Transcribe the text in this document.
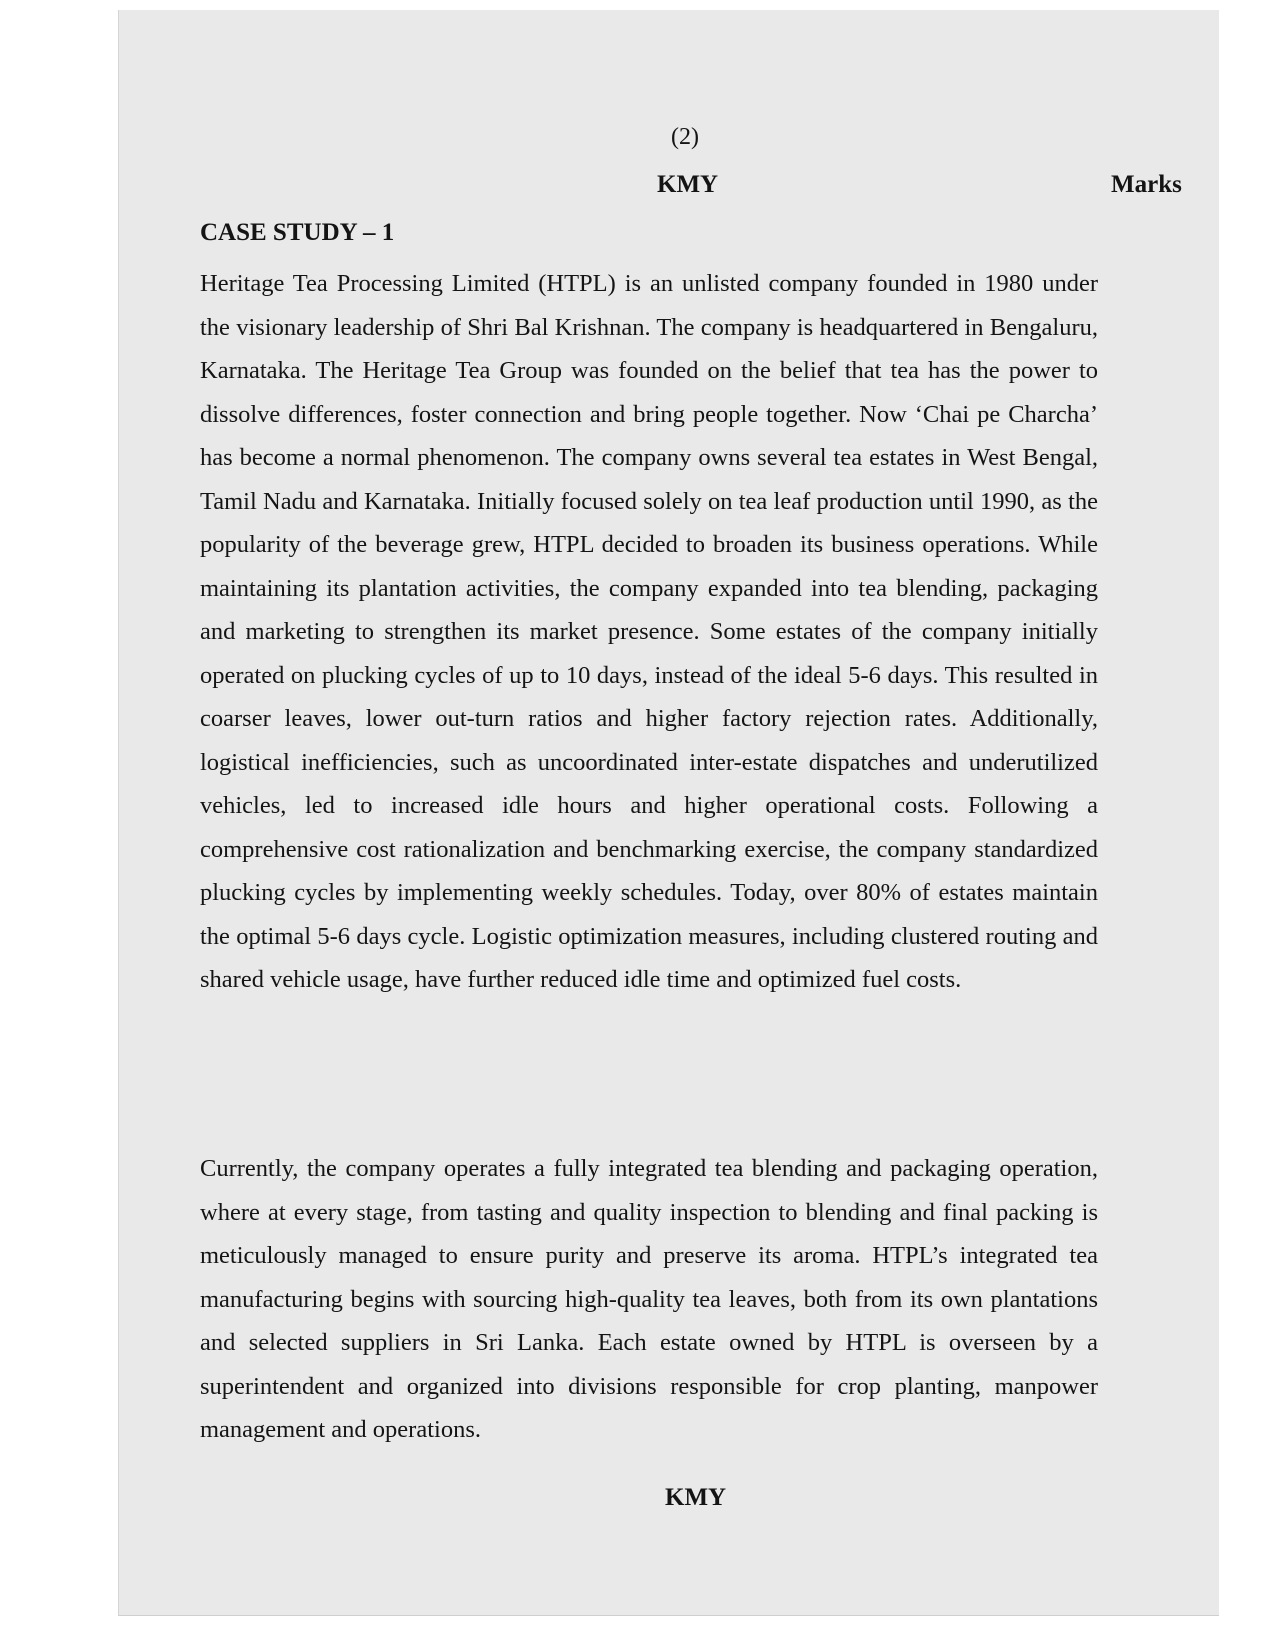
(2)
KMY	Marks
CASE STUDY – 1

Heritage Tea Processing Limited (HTPL) is an unlisted company founded in 1980 under the visionary leadership of Shri Bal Krishnan. The company is headquartered in Bengaluru, Karnataka. The Heritage Tea Group was founded on the belief that tea has the power to dissolve differences, foster connection and bring people together. Now ‘Chai pe Charcha’ has become a normal phenomenon. The company owns several tea estates in West Bengal, Tamil Nadu and Karnataka. Initially focused solely on tea leaf production until 1990, as the popularity of the beverage grew, HTPL decided to broaden its business operations. While maintaining its plantation activities, the company expanded into tea blending, packaging and marketing to strengthen its market presence. Some estates of the company initially operated on plucking cycles of up to 10 days, instead of the ideal 5-6 days. This resulted in coarser leaves, lower out-turn ratios and higher factory rejection rates. Additionally, logistical inefficiencies, such as uncoordinated inter-estate dispatches and underutilized vehicles, led to increased idle hours and higher operational costs. Following a comprehensive cost rationalization and benchmarking exercise, the company standardized plucking cycles by implementing weekly schedules. Today, over 80% of estates maintain the optimal 5-6 days cycle. Logistic optimization measures, including clustered routing and shared vehicle usage, have further reduced idle time and optimized fuel costs.

Currently, the company operates a fully integrated tea blending and packaging operation, where at every stage, from tasting and quality inspection to blending and final packing is meticulously managed to ensure purity and preserve its aroma. HTPL’s integrated tea manufacturing begins with sourcing high-quality tea leaves, both from its own plantations and selected suppliers in Sri Lanka. Each estate owned by HTPL is overseen by a superintendent and organized into divisions responsible for crop planting, manpower management and operations.

KMY
